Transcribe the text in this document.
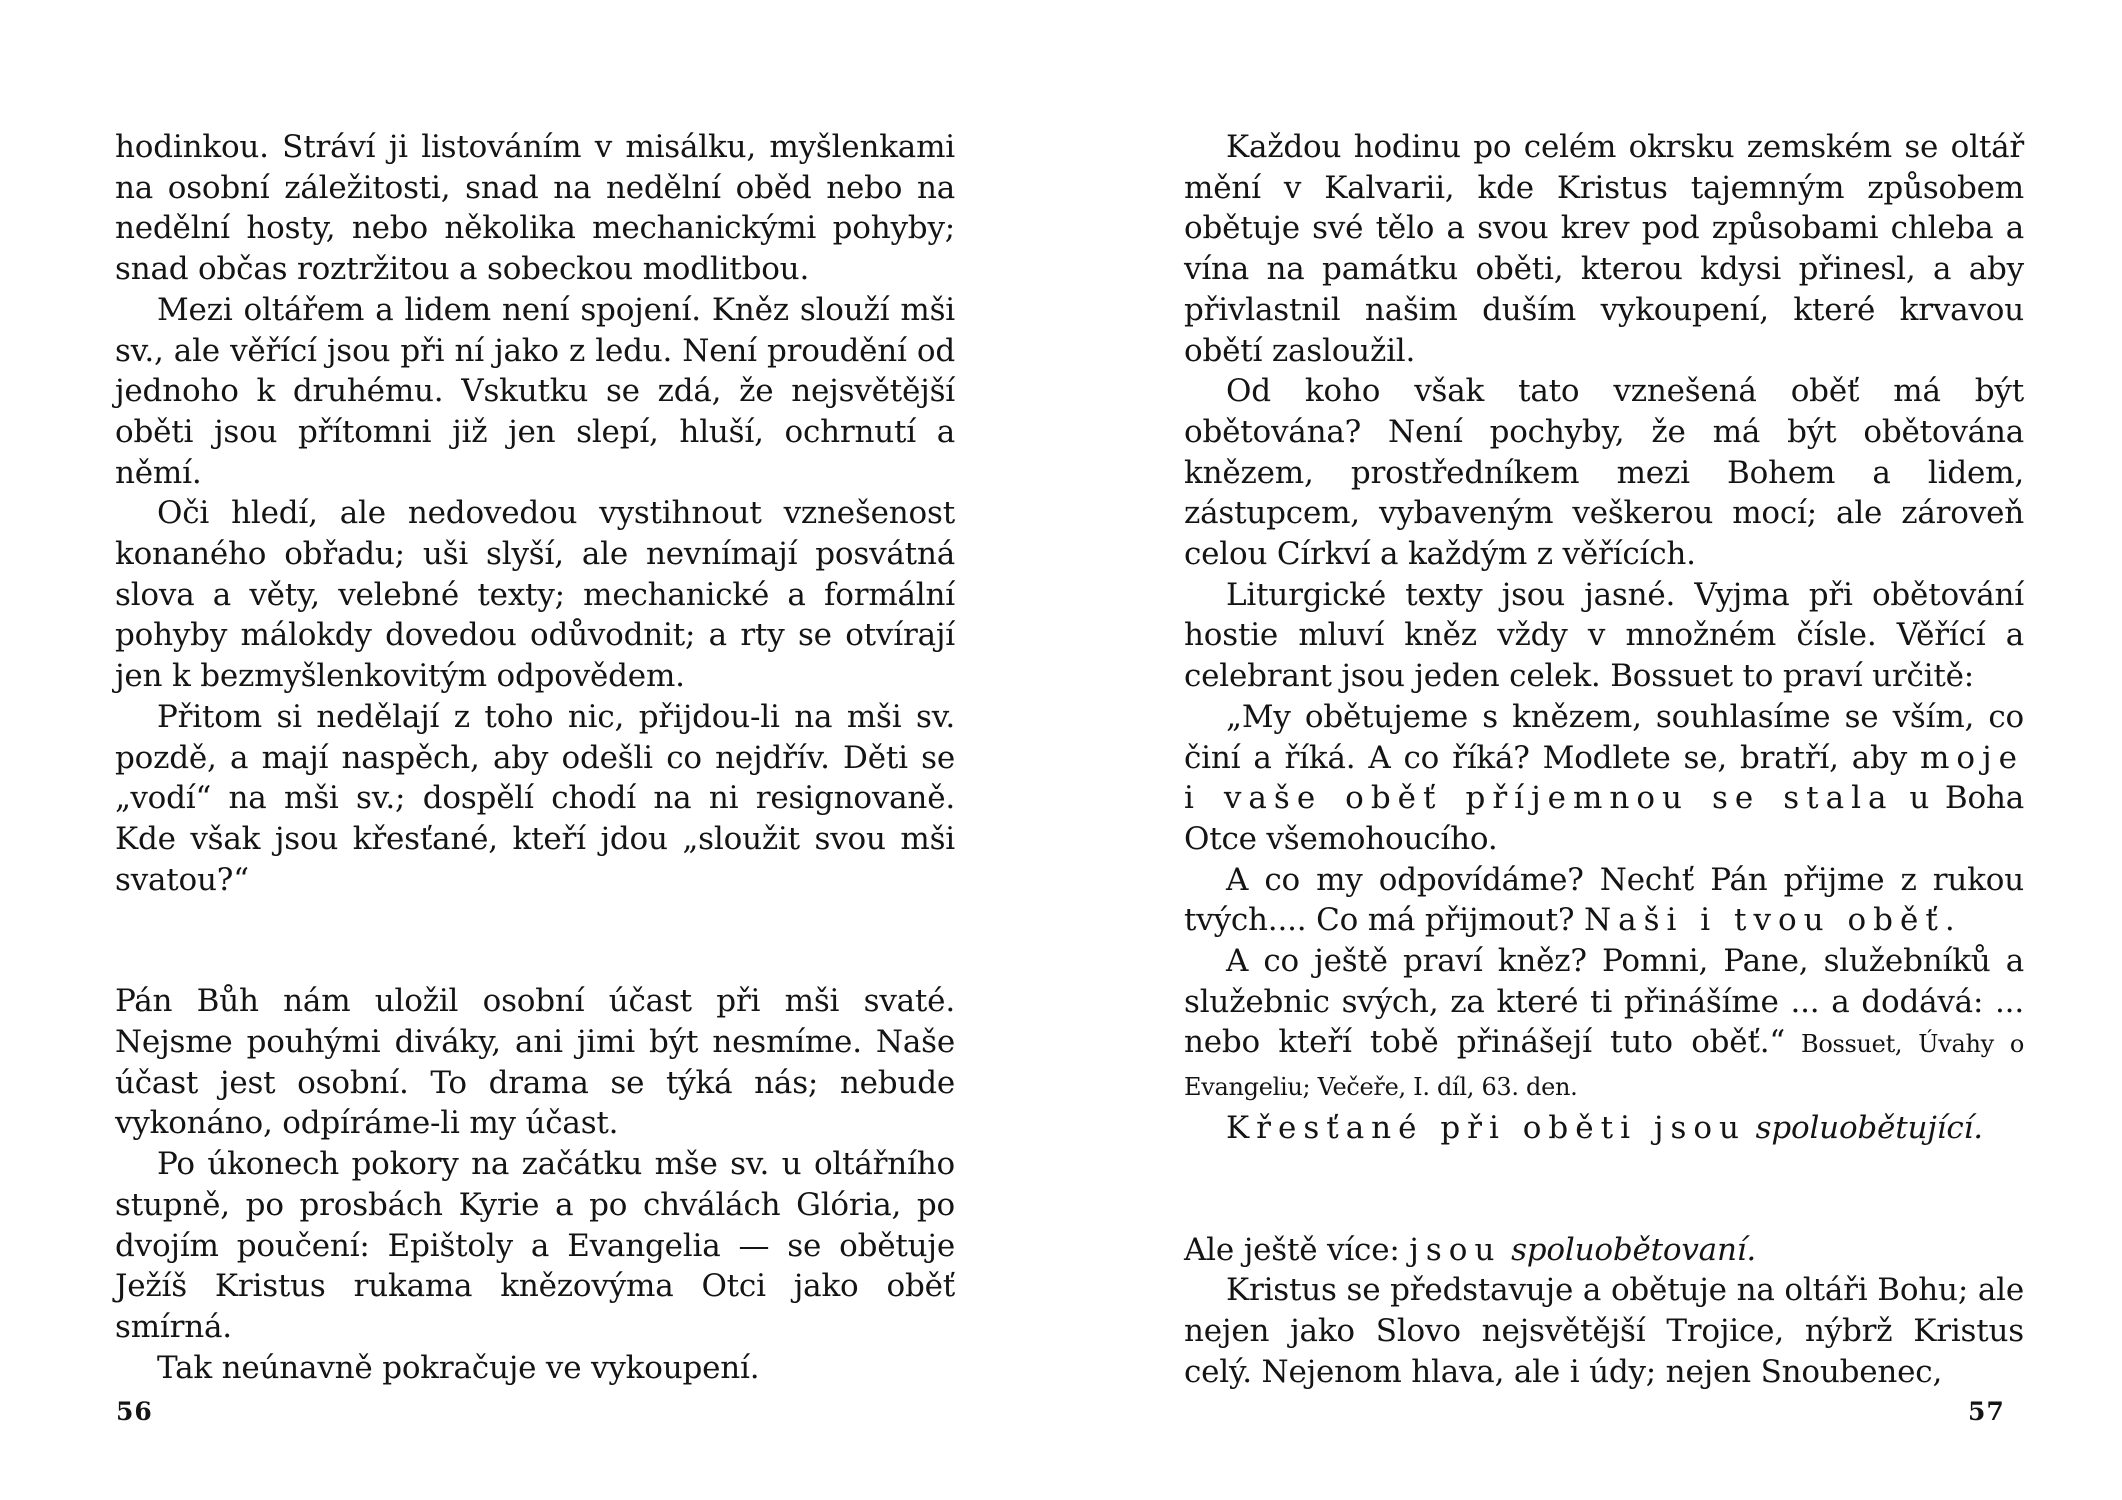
hodinkou. Stráví ji listováním v misálku, myšlenkami na osobní záležitosti, snad na nedělní oběd nebo na nedělní hosty, nebo několika mechanickými pohyby; snad občas roztržitou a sobeckou modlitbou.

Mezi oltářem a lidem není spojení. Kněz slouží mši sv., ale věřící jsou při ní jako z ledu. Není proudění od jednoho k druhému. Vskutku se zdá, že nejsvětější oběti jsou přítomni již jen slepí, hluší, ochrnutí a němí.

Oči hledí, ale nedovedou vystihnout vznešenost konaného obřadu; uši slyší, ale nevnímají posvátná slova a věty, velebné texty; mechanické a formální pohyby málokdy dovedou odůvodnit; a rty se otvírají jen k bezmyšlenkovitým odpovědem.

Přitom si nedělají z toho nic, přijdou-li na mši sv. pozdě, a mají naspěch, aby odešli co nejdřív. Děti se „vodí“ na mši sv.; dospělí chodí na ni resignovaně. Kde však jsou křesťané, kteří jdou „sloužit svou mši svatou?“

Pán Bůh nám uložil osobní účast při mši svaté. Nejsme pouhými diváky, ani jimi být nesmíme. Naše účast jest osobní. To drama se týká nás; nebude vykonáno, odpíráme-li my účast.

Po úkonech pokory na začátku mše sv. u oltářního stupně, po prosbách Kyrie a po chválách Glória, po dvojím poučení: Epištoly a Evangelia — se obětuje Ježíš Kristus rukama knězovýma Otci jako oběť smírná.

Tak neúnavně pokračuje ve vykoupení.

56

Každou hodinu po celém okrsku zemském se oltář mění v Kalvarii, kde Kristus tajemným způsobem obětuje své tělo a svou krev pod způsobami chleba a vína na památku oběti, kterou kdysi přinesl, a aby přivlastnil našim duším vykoupení, které krvavou obětí zasloužil.

Od koho však tato vznešená oběť má být obětována? Není pochyby, že má být obětována knězem, prostředníkem mezi Bohem a lidem, zástupcem, vybaveným veškerou mocí; ale zároveň celou Církví a každým z věřících.

Liturgické texty jsou jasné. Vyjma při obětování hostie mluví kněz vždy v množném čísle. Věřící a celebrant jsou jeden celek. Bossuet to praví určitě:

„My obětujeme s knězem, souhlasíme se vším, co činí a říká. A co říká? Modlete se, bratří, aby moje i vaše oběť příjemnou se stala u Boha Otce všemohoucího.

A co my odpovídáme? Nechť Pán přijme z rukou tvých.... Co má přijmout? Naši i tvou oběť.

A co ještě praví kněz? Pomni, Pane, služebníků a služebnic svých, za které ti přinášíme ... a dodává: ... nebo kteří tobě přinášejí tuto oběť.“ Bossuet, Úvahy o Evangeliu; Večeře, I. díl, 63. den.

Křesťané při oběti jsou spoluobětující.

Ale ještě více: jsou spoluobětovaní.

Kristus se představuje a obětuje na oltáři Bohu; ale nejen jako Slovo nejsvětější Trojice, nýbrž Kristus celý. Nejenom hlava, ale i údy; nejen Snoubenec,

57
